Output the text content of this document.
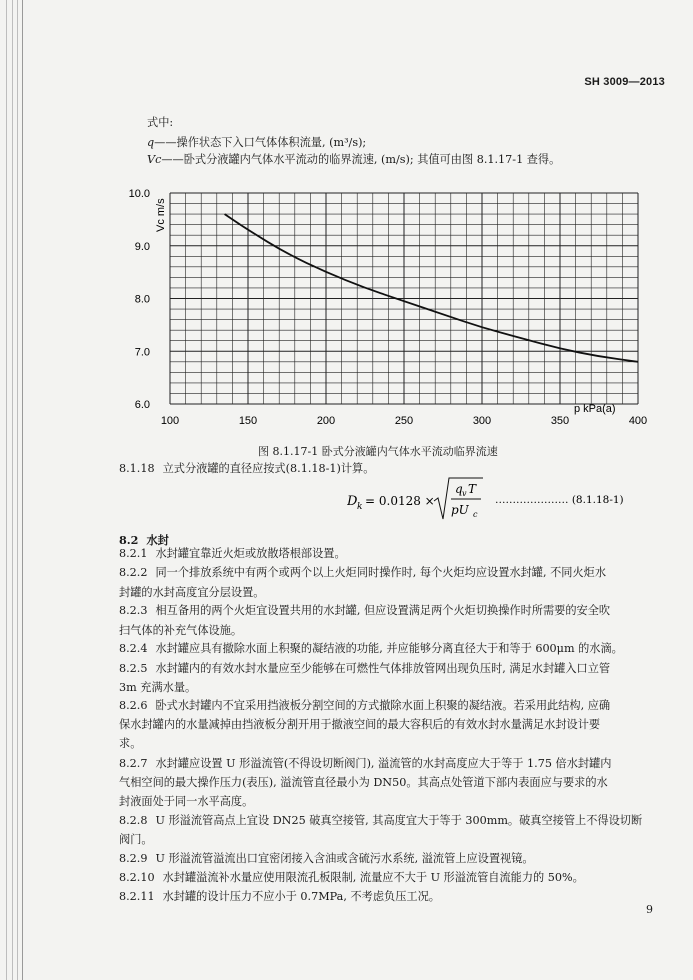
SH 3009—2013
式中:
q——操作状态下入口气体体积流量, (m³/s);
Vc——卧式分液罐内气体水平流动的临界流速, (m/s); 其值可由图 8.1.17-1 查得。
100	150	200	250	300	350	400
6.0
7.0
8.0
9.0
10.0
Vc m/s
p kPa(a)
图 8.1.17-1 卧式分液罐内气体水平流动临界流速
8.1.18 立式分液罐的直径应按式(8.1.18-1)计算。
D k = 0.0128 ×
q v T
pU c
………………… (8.1.18-1)
8.2 水封
8.2.1 水封罐宜靠近火炬或放散塔根部设置。
8.2.2 同一个排放系统中有两个或两个以上火炬同时操作时, 每个火炬均应设置水封罐, 不同火炬水
封罐的水封高度宜分层设置。
8.2.3 相互备用的两个火炬宜设置共用的水封罐, 但应设置满足两个火炬切换操作时所需要的安全吹
扫气体的补充气体设施。
8.2.4 水封罐应具有撤除水面上积聚的凝结液的功能, 并应能够分离直径大于和等于 600μm 的水滴。
8.2.5 水封罐内的有效水封水量应至少能够在可燃性气体排放管网出现负压时, 满足水封罐入口立管
3m 充满水量。
8.2.6 卧式水封罐内不宜采用挡液板分割空间的方式撤除水面上积聚的凝结液。若采用此结构, 应确
保水封罐内的水量减掉由挡液板分割开用于撤液空间的最大容积后的有效水封水量满足水封设计要
求。
8.2.7 水封罐应设置 U 形溢流管(不得设切断阀门), 溢流管的水封高度应大于等于 1.75 倍水封罐内
气相空间的最大操作压力(表压), 溢流管直径最小为 DN50。其高点处管道下部内表面应与要求的水
封液面处于同一水平高度。
8.2.8 U 形溢流管高点上宜设 DN25 破真空接管, 其高度宜大于等于 300mm。破真空接管上不得设切断
阀门。
8.2.9 U 形溢流管溢流出口宜密闭接入含油或含硫污水系统, 溢流管上应设置视镜。
8.2.10 水封罐溢流补水量应使用限流孔板限制, 流量应不大于 U 形溢流管自流能力的 50%。
8.2.11 水封罐的设计压力不应小于 0.7MPa, 不考虑负压工况。
9
